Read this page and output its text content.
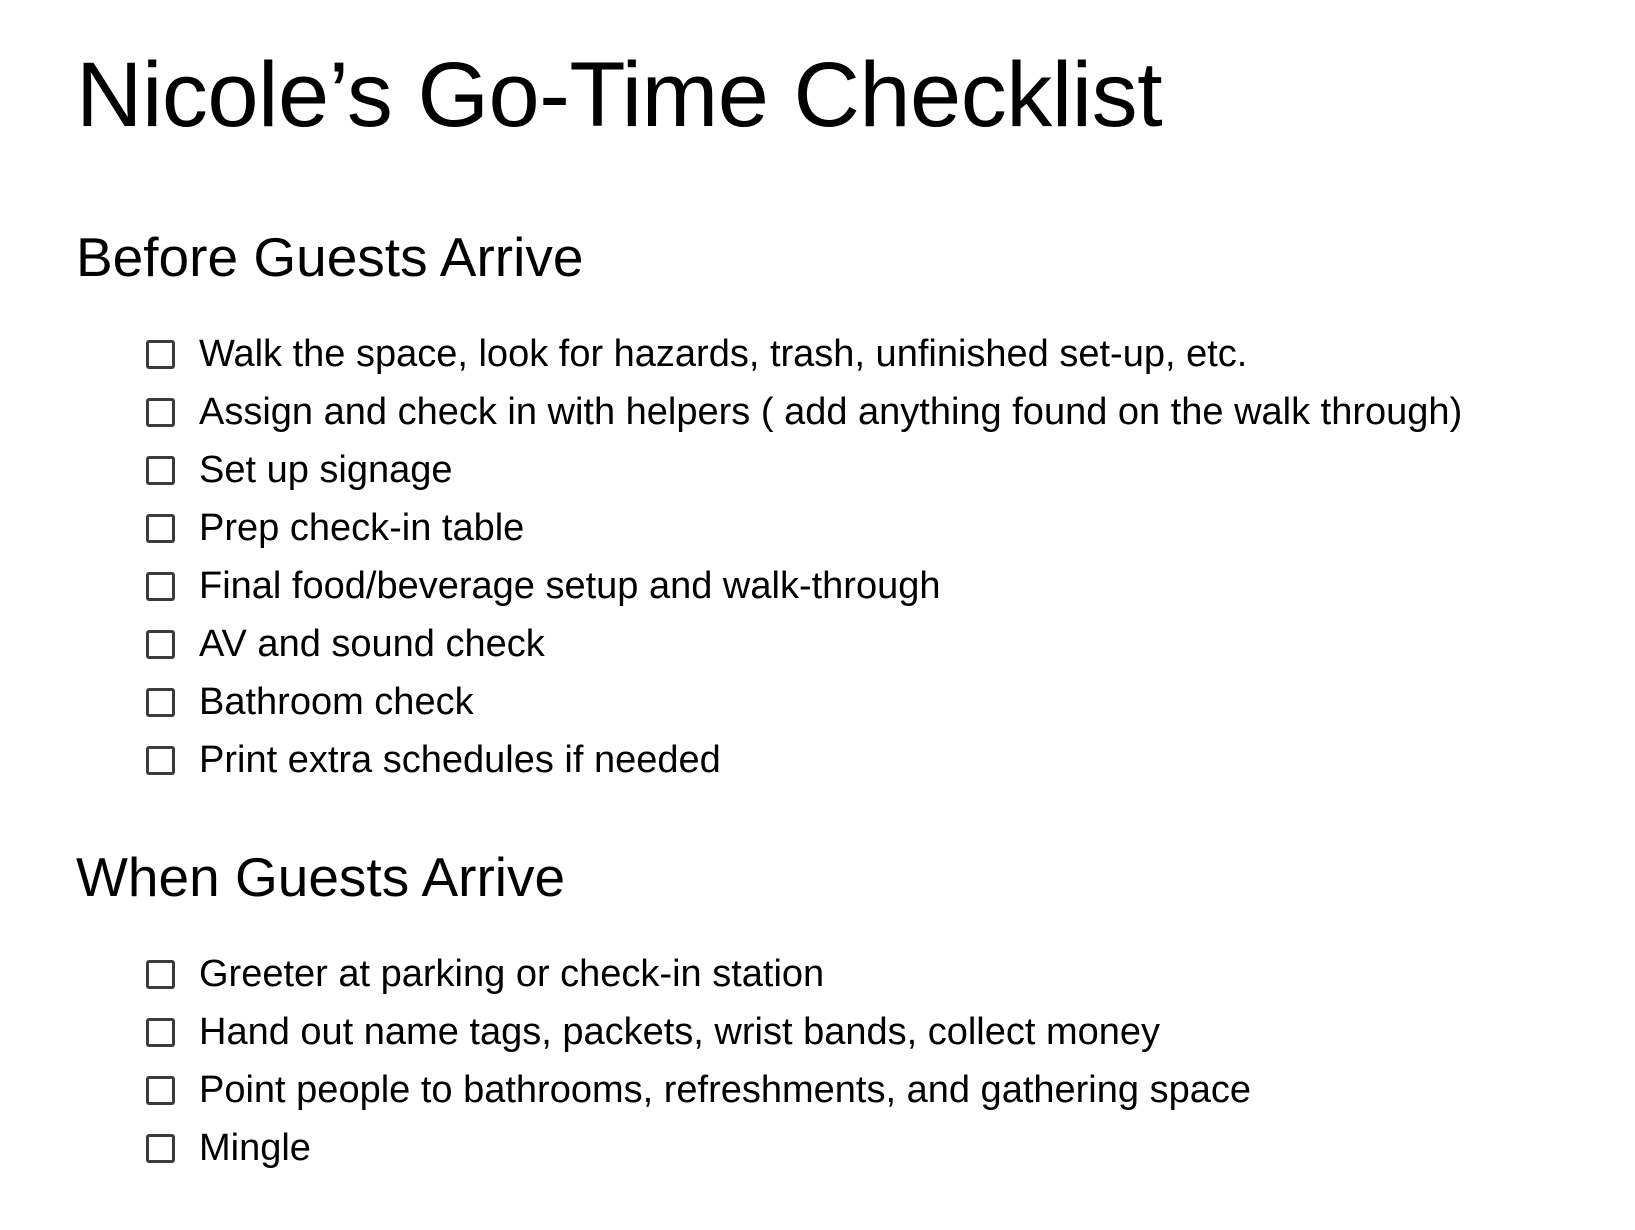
Nicole’s Go-Time Checklist
Before Guests Arrive
Walk the space, look for hazards, trash, unfinished set-up, etc.
Assign and check in with helpers ( add anything found on the walk through)
Set up signage
Prep check-in table
Final food/beverage setup and walk-through
AV and sound check
Bathroom check
Print extra schedules if needed
When Guests Arrive
Greeter at parking or check-in station
Hand out name tags, packets, wrist bands, collect money
Point people to bathrooms, refreshments, and gathering space
Mingle
